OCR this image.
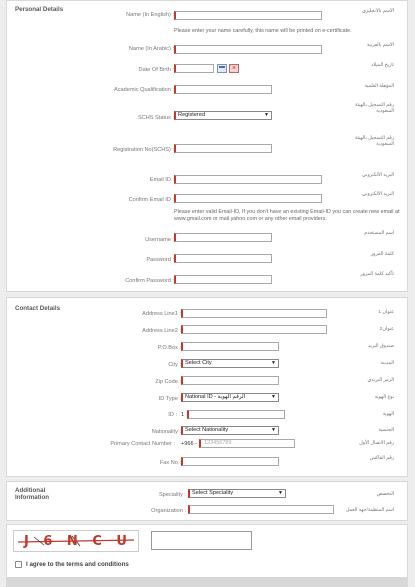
Personal Details
Name (In English) :
الاسم بالانجليزي
Please enter your name carefully, this name will be printed on e-certificate.
Name (In Arabic) :
الاسم بالعربية
Date Of Birth :	×	تاريخ الميلاد
Academic Qualification :
المؤهلة العلمية
SCHS Status : Registered	▼
رقم التسجيل بالهيئة السعودية
Registration No(SCHS) :
رقم التسجيل بالهيئة السعودية
Email ID :
البريد الالكتروني
Confirm Email ID :
البريد الالكتروني
Please enter valid Email-ID, If you don't have an existing Email-ID you can create new email at www.gmail.com or mail.yahoo.com or any other email providers.
Username :
اسم المستخدم
Password :
كلمة المرور
Confirm Password :
تأكيد كلمة المرور
Contact Details
Address Line1 :	عنوان 1
Address Line2 :	عنوان2
P.O.Box :	صندوق البريد
City : Select City	▼	المدينة
Zip Code :	الرمز البريدي
ID Type : National ID - الرقم الهوية	▼	نوع الهوية
ID : 1	الهوية
Nationality : Select Nationality	▼	الجنسية
Primary Contact Number : +966 -	123456789	رقم الاتصال الأول
Fax No :
رقم الفاكس
Additional Information	Speciality :	Select Speciality	▼	التخصص
Organization :	اسم المنظمة/جهة العمل
J 6 N C U
I agree to the terms and conditions
